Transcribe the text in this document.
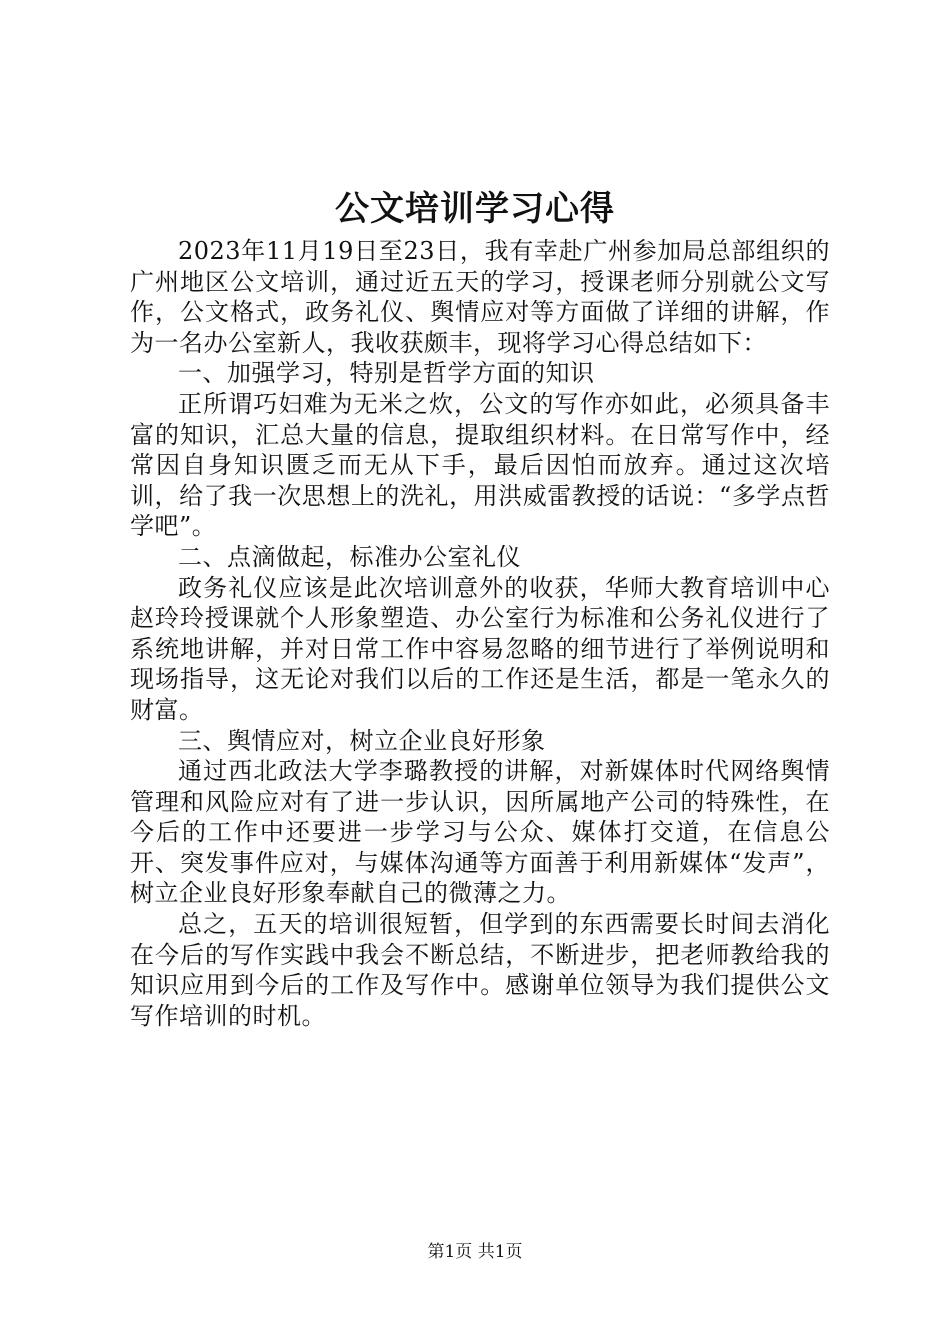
公文培训学习心得

2023年11月19日至23日，我有幸赴广州参加局总部组织的广州地区公文培训，通过近五天的学习，授课老师分别就公文写作，公文格式，政务礼仪、舆情应对等方面做了详细的讲解，作为一名办公室新人，我收获颇丰，现将学习心得总结如下：

一、加强学习，特别是哲学方面的知识

正所谓巧妇难为无米之炊，公文的写作亦如此，必须具备丰富的知识，汇总大量的信息，提取组织材料。在日常写作中，经常因自身知识匮乏而无从下手，最后因怕而放弃。通过这次培训，给了我一次思想上的洗礼，用洪威雷教授的话说：“多学点哲学吧”。

二、点滴做起，标准办公室礼仪

政务礼仪应该是此次培训意外的收获，华师大教育培训中心赵玲玲授课就个人形象塑造、办公室行为标准和公务礼仪进行了系统地讲解，并对日常工作中容易忽略的细节进行了举例说明和现场指导，这无论对我们以后的工作还是生活，都是一笔永久的财富。

三、舆情应对，树立企业良好形象

通过西北政法大学李璐教授的讲解，对新媒体时代网络舆情管理和风险应对有了进一步认识，因所属地产公司的特殊性，在今后的工作中还要进一步学习与公众、媒体打交道，在信息公开、突发事件应对，与媒体沟通等方面善于利用新媒体“发声”，树立企业良好形象奉献自己的微薄之力。

总之，五天的培训很短暂，但学到的东西需要长时间去消化在今后的写作实践中我会不断总结，不断进步，把老师教给我的知识应用到今后的工作及写作中。感谢单位领导为我们提供公文写作培训的时机。

第1页 共1页
